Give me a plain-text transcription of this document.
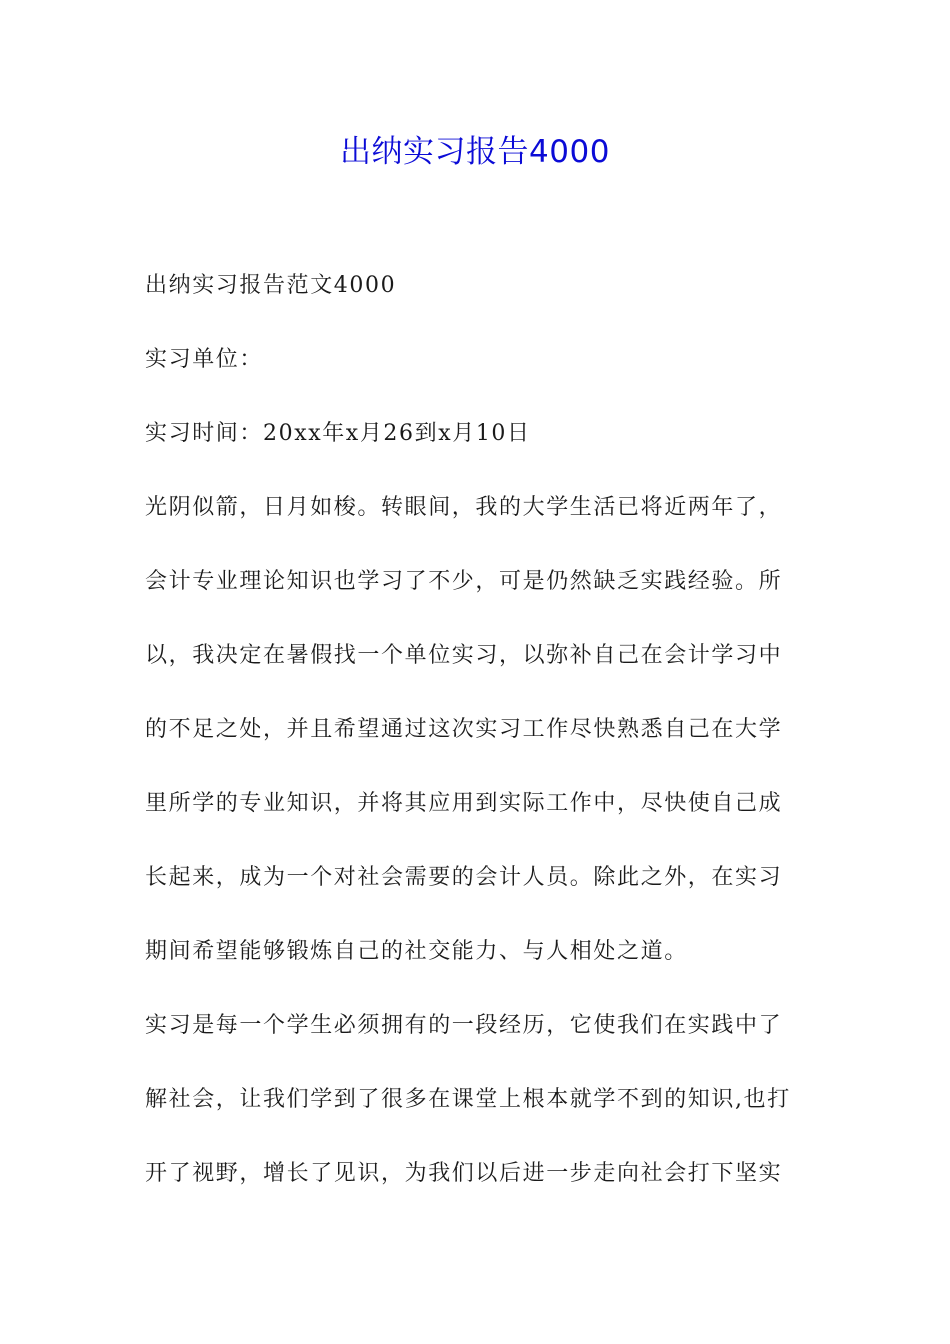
出纳实习报告4000
出纳实习报告范文4000
实习单位：
实习时间：20xx年x月26到x月10日
光阴似箭，日月如梭。转眼间，我的大学生活已将近两年了，
会计专业理论知识也学习了不少，可是仍然缺乏实践经验。所
以，我决定在暑假找一个单位实习，以弥补自己在会计学习中
的不足之处，并且希望通过这次实习工作尽快熟悉自己在大学
里所学的专业知识，并将其应用到实际工作中，尽快使自己成
长起来，成为一个对社会需要的会计人员。除此之外，在实习
期间希望能够锻炼自己的社交能力、与人相处之道。
实习是每一个学生必须拥有的一段经历，它使我们在实践中了
解社会，让我们学到了很多在课堂上根本就学不到的知识,也打
开了视野，增长了见识，为我们以后进一步走向社会打下坚实
